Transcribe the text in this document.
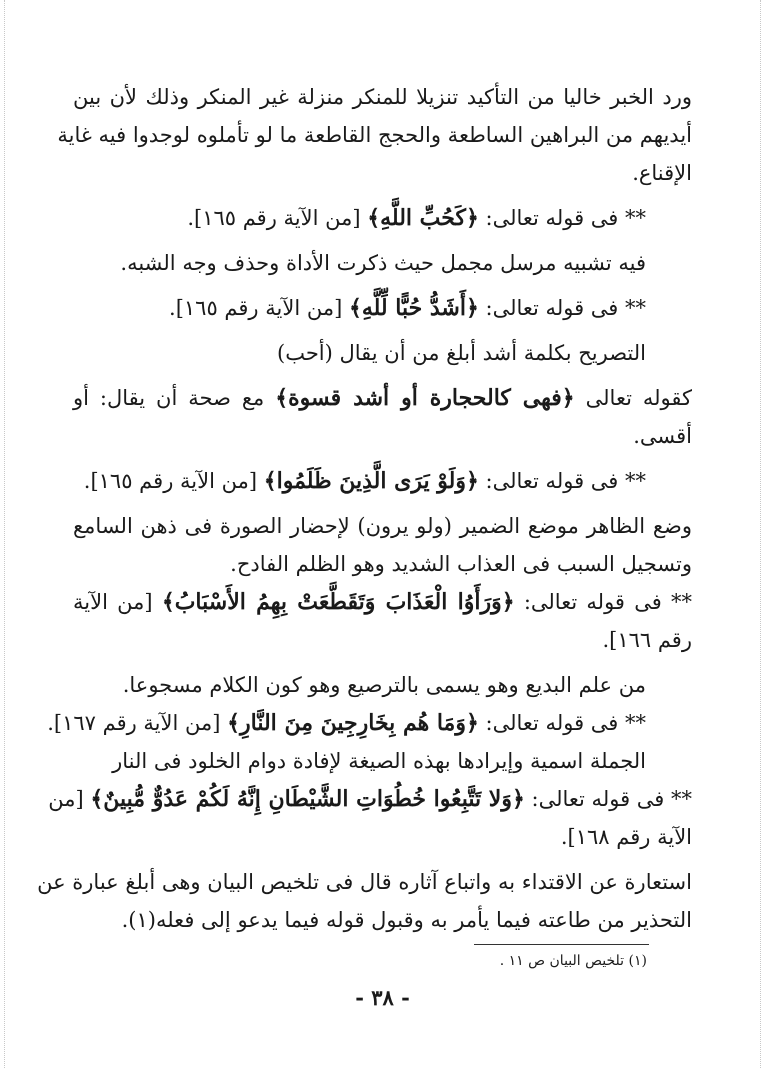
ورد الخبر خاليا من التأكيد تنزيلا للمنكر منزلة غير المنكر وذلك لأن بين
أيديهم من البراهين الساطعة والحجج القاطعة ما لو تأملوه لوجدوا فيه غاية
الإقناع.
** فى قوله تعالى: ﴿كَحُبِّ اللَّهِ﴾ [من الآية رقم ١٦٥].
فيه تشبيه مرسل مجمل حيث ذكرت الأداة وحذف وجه الشبه.
** فى قوله تعالى: ﴿أَشَدُّ حُبًّا لِّلَّهِ﴾ [من الآية رقم ١٦٥].
التصريح بكلمة أشد أبلغ من أن يقال (أحب)
كقوله تعالى ﴿فهى كالحجارة أو أشد قسوة﴾ مع صحة أن يقال: أو
أقسى.
** فى قوله تعالى: ﴿وَلَوْ يَرَى الَّذِينَ ظَلَمُوا﴾ [من الآية رقم ١٦٥].
وضع الظاهر موضع الضمير (ولو يرون) لإحضار الصورة فى ذهن السامع
وتسجيل السبب فى العذاب الشديد وهو الظلم الفادح.
** فى قوله تعالى: ﴿وَرَأَوُا الْعَذَابَ وَتَقَطَّعَتْ بِهِمُ الأَسْبَابُ﴾ [من الآية
رقم ١٦٦].
من علم البديع وهو يسمى بالترصيع وهو كون الكلام مسجوعا.
** فى قوله تعالى: ﴿وَمَا هُم بِخَارِجِينَ مِنَ النَّارِ﴾ [من الآية رقم ١٦٧].
الجملة اسمية وإيرادها بهذه الصيغة لإفادة دوام الخلود فى النار
** فى قوله تعالى: ﴿وَلا تَتَّبِعُوا خُطُوَاتِ الشَّيْطَانِ إِنَّهُ لَكُمْ عَدُوٌّ مُّبِينٌ﴾ [من
الآية رقم ١٦٨].
استعارة عن الاقتداء به واتباع آثاره قال فى تلخيص البيان وهى أبلغ عبارة عن
التحذير من طاعته فيما يأمر به وقبول قوله فيما يدعو إلى فعله(١).
(١) تلخيص البيان ص ١١ .
- ٣٨ -
